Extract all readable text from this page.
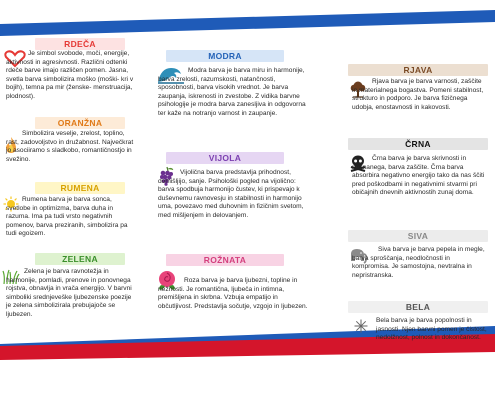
RDEČA
Je simbol svobode, moči, energije, aktivnosti in agresivnosti. Različni odtenki rdeče barve imajo različen pomen. Jasna, svetla barva simbolizira moško (moški- kri v bojih), temna pa mir (ženske- menstruacija, plodnost).
ORANŽNA
Simbolizira veselje, zrelost, toplino, rast, zadovoljstvo in družabnost. Največkrat jo asociiramo s sladkobo, romantičnostjo in svežino.
RUMENA
Rumena barva je barva sonca, svetlobe in optimizma, barva duha in razuma. Ima pa tudi vrsto negativnih pomenov, barva preziranih, simbolizira pa tudi egoizem.
ZELENA
Zelena je barva ravnotežja in harmonije, pomladi, prenove in ponovnega rojstva, obnavlja in vrača energijo. V barvni simboliki srednjeveške ljubezenske poezije je zelena simbolizirala prebujajoče se ljubezen.
MODRA
Modra barva je barva miru in harmonije, barva zrelosti, razumskosti, natančnosti, sposobnosti, barva visokih vrednot. Je barva zaupanja, iskrenosti in zvestobe. Z vidika barvne psihologije je modra barva zanesljiva in odgovorna ter kaže na notranjo varnost in zaupanje.
VIJOLA
Vijolična barva predstavlja prihodnost, domišljijo, sanje. Psihološki pogled na vijolično: barva spodbuja harmonijo čustev, ki prispevajo k duševnemu ravnovesju in stabilnosti in harmonijo uma, povezavo med duhovnim in fizičnim svetom, med mišljenjem in delovanjem.
ROŽNATA
Roza barva je barva ljubezni, topline in nežnosti. Je romantična, ljubeča in intimna, premišljena in skrbna. Vzbuja empatijo in občutljivost. Predstavlja sočutje, vzgojo in ljubezen.
RJAVA
Rjava barva je barva varnosti, zaščite in materialnega bogastva. Pomeni stabilnost, strukturo in podporo. Je barva fizičnega udobja, enostavnosti in kakovosti.
ČRNA
Črna barva je barva skrivnosti in neznanega, barva zaščite. Črna barva absorbira negativno energijo tako da nas ščiti pred poškodbami in negativnimi stvarmi pri običajnih dnevnih aktivnostih zunaj doma.
SIVA
Siva barva je barva pepela in megle, barva sproščanja, neodločnosti in kompromisa. Je samostojna, nevtralna in nepristranska.
BELA
Bela barva je barva popolnosti in jasnosti. Njen barvni pomen je čistost, nedolžnost, polnost in dokončanost.
